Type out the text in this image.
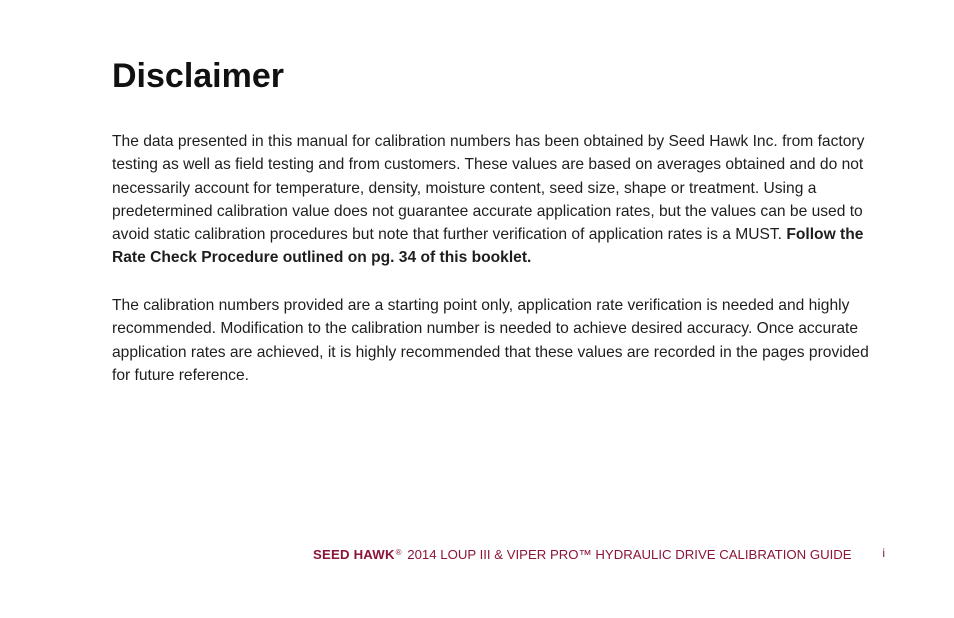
Disclaimer

The data presented in this manual for calibration numbers has been obtained by Seed Hawk Inc. from factory testing as well as field testing and from customers. These values are based on averages obtained and do not necessarily account for temperature, density, moisture content, seed size, shape or treatment. Using a predetermined calibration value does not guarantee accurate application rates, but the values can be used to avoid static calibration procedures but note that further verification of application rates is a MUST. Follow the Rate Check Procedure outlined on pg. 34 of this booklet.

The calibration numbers provided are a starting point only, application rate verification is needed and highly recommended. Modification to the calibration number is needed to achieve desired accuracy. Once accurate application rates are achieved, it is highly recommended that these values are recorded in the pages provided for future reference.

SEED HAWK® 2014 LOUP III & VIPER PRO™ HYDRAULIC DRIVE CALIBRATION GUIDE	i
